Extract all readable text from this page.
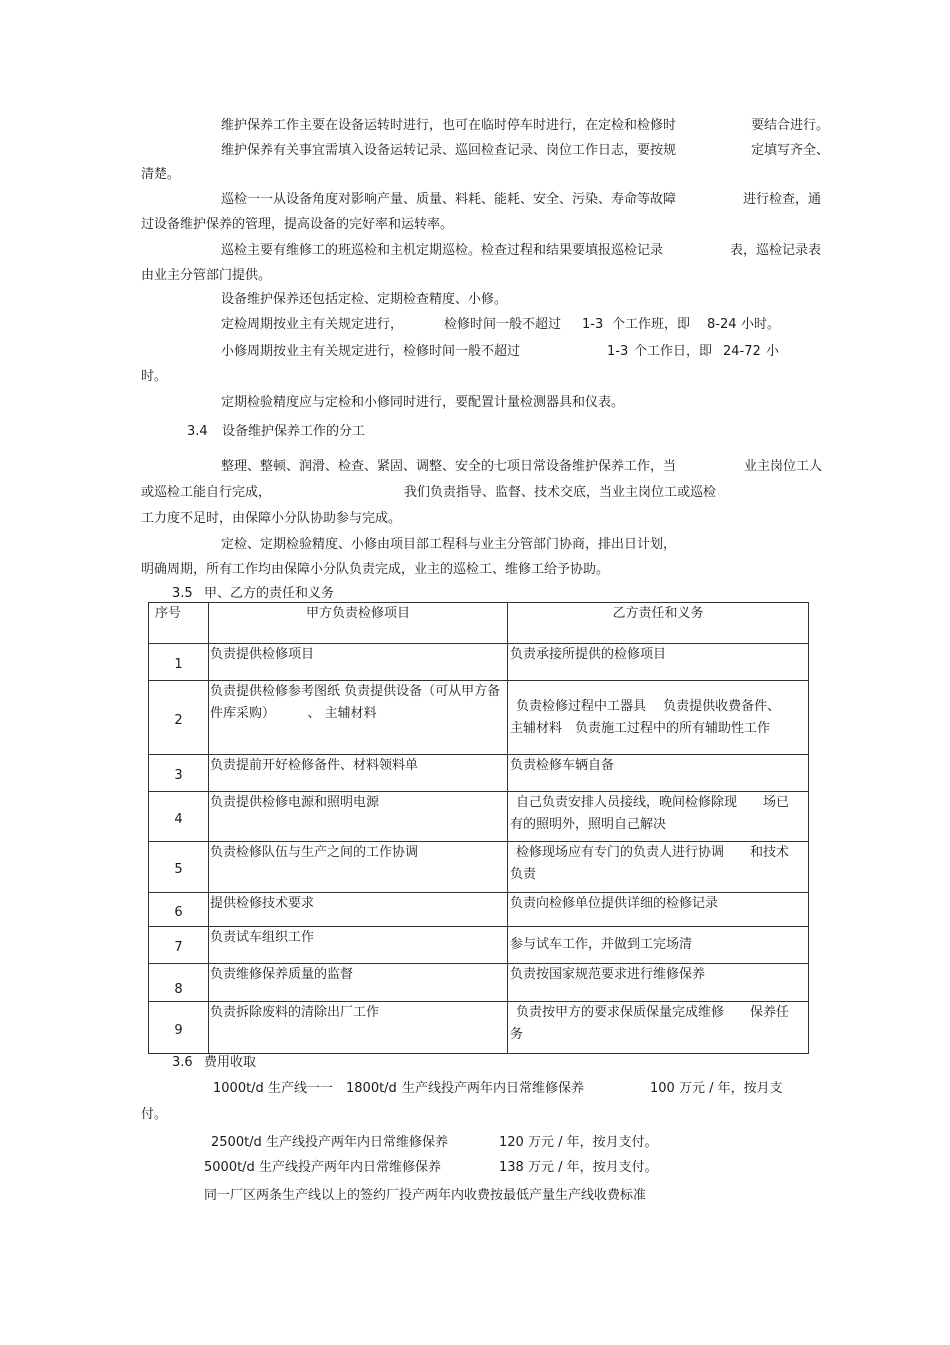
维护保养工作主要在设备运转时进行，也可在临时停车时进行，在定检和检修时	要结合进行。
维护保养有关事宜需填入设备运转记录、巡回检查记录、岗位工作日志，要按规	定填写齐全、
清楚。
巡检一一从设备角度对影响产量、质量、料耗、能耗、安全、污染、寿命等故障	进行检查，通
过设备维护保养的管理，提高设备的完好率和运转率。
巡检主要有维修工的班巡检和主机定期巡检。检查过程和结果要填报巡检记录	表，巡检记录表
由业主分管部门提供。
设备维护保养还包括定检、定期检查精度、小修。
定检周期按业主有关规定进行，	检修时间一般不超过 1-3 个工作班，即 8-24 小时。
小修周期按业主有关规定进行，检修时间一般不超过	1-3 个工作日，即 24-72 小
时。
定期检验精度应与定检和小修同时进行，要配置计量检测器具和仪表。
3.4 设备维护保养工作的分工
整理、整顿、润滑、检查、紧固、调整、安全的七项日常设备维护保养工作，当	业主岗位工人
或巡检工能自行完成，	我们负责指导、监督、技术交底，当业主岗位工或巡检
工力度不足时，由保障小分队协助参与完成。
定检、定期检验精度、小修由项目部工程科与业主分管部门协商，排出日计划，
明确周期，所有工作均由保障小分队负责完成，业主的巡检工、维修工给予协助。
3.5 甲、乙方的责任和义务
序号	甲方负责检修项目	乙方责任和义务
1	负责提供检修项目	负责承接所提供的检修项目

2	负责提供检修参考图纸 负责提供设备（可从甲方备件库采购）　　　、 主辅材料	负责检修过程中工器具　 负责提供收费备件、
主辅材料　负责施工过程中的所有辅助性工作

3	负责提前开好检修备件、材料领料单	负责检修车辆自备

4	负责提供检修电源和照明电源	自己负责安排人员接线，晚间检修除现　　场已
有的照明外，照明自己解决

5	负责检修队伍与生产之间的工作协调	检修现场应有专门的负责人进行协调　　和技术
负责

6	提供检修技术要求	负责向检修单位提供详细的检修记录

7	负责试车组织工作	参与试车工作，并做到工完场清

8	负责维修保养质量的监督	负责按国家规范要求进行维修保养

9	负责拆除废料的清除出厂工作	负责按甲方的要求保质保量完成维修　　保养任
务
3.6 费用收取
1000t/d 生产线一一 1800t/d 生产线投产两年内日常维修保养	100 万元 / 年，按月支
付。
2500t/d 生产线投产两年内日常维修保养	120 万元 / 年，按月支付。
5000t/d 生产线投产两年内日常维修保养	138 万元 / 年，按月支付。
同一厂区两条生产线以上的签约厂投产两年内收费按最低产量生产线收费标准
